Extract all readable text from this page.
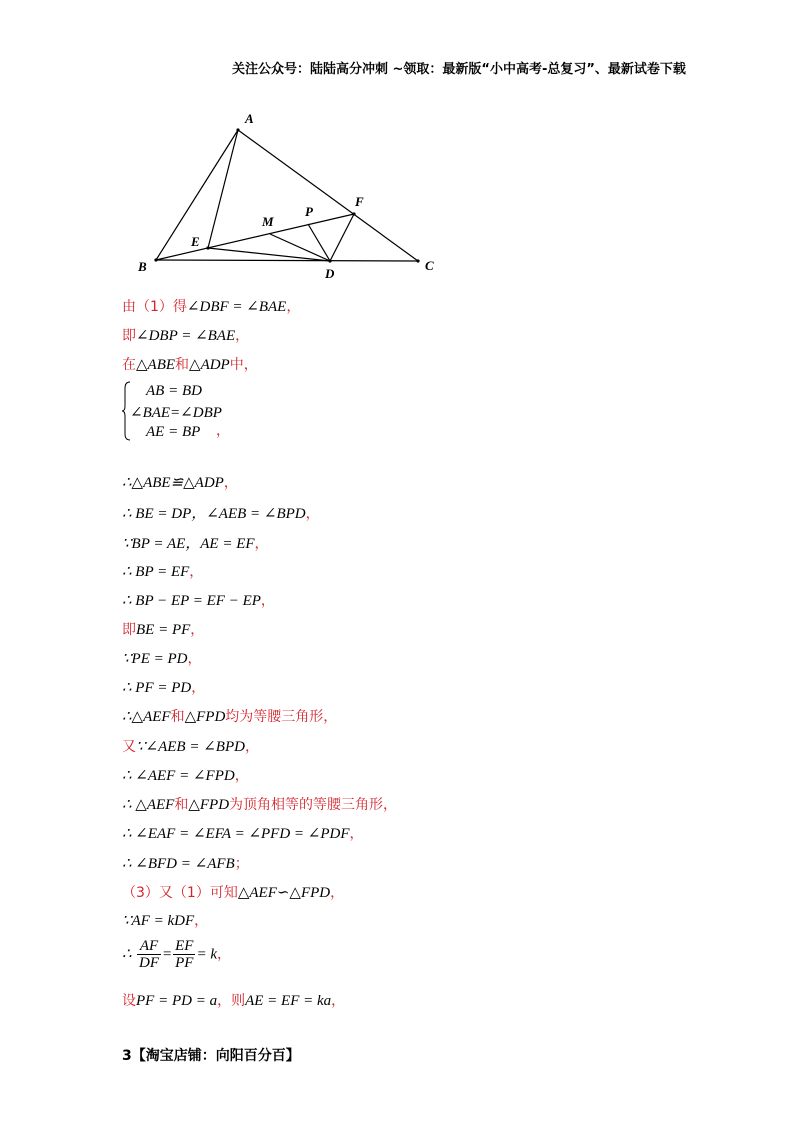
关注公众号：陆陆高分冲刺 ~领取：最新版“小中高考-总复习”、最新试卷下载
A
B	C
D
E
F
M
P
由（1）得∠DBF = ∠BAE，
即∠DBP = ∠BAE，
在△ABE和△ADP中，
AB = BD
∠BAE=∠DBP
AE = BP ，
∴△ABE≌△ADP，
∴ BE = DP，∠AEB = ∠BPD，
∵BP = AE，AE = EF，
∴ BP = EF，
∴ BP − EP = EF − EP，
即BE = PF，
∵PE = PD，
∴ PF = PD，
∴△AEF和△FPD均为等腰三角形，
又∵∠AEB = ∠BPD，
∴ ∠AEF = ∠FPD，
∴ △AEF和△FPD为顶角相等的等腰三角形，
∴ ∠EAF = ∠EFA = ∠PFD = ∠PDF，
∴ ∠BFD = ∠AFB；
（3）又（1）可知△AEF∽△FPD，
∵AF = kDF，
∴ $\frac{AF}{DF} = \frac{EF}{PF} = k$，
设PF = PD = a，则AE = EF = ka，
3【淘宝店铺：向阳百分百】
